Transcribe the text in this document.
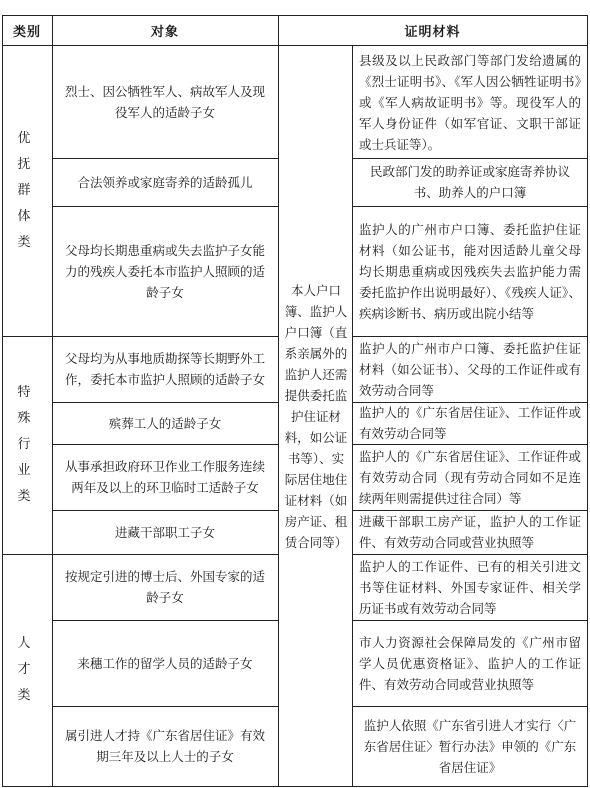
类别	对象	证明材料
优抚群体类
特殊行业类
人才类
本人户口簿、监护人户口簿（直系亲属外的监护人还需提供委托监护住证材料，如公证书等）、实际居住地住证材料（如房产证、租赁合同等）
烈士、因公牺牲军人、病故军人及现役军人的适龄子女
合法领养或家庭寄养的适龄孤儿
父母均长期患重病或失去监护子女能力的残疾人委托本市监护人照顾的适龄子女
父母均为从事地质勘探等长期野外工作，委托本市监护人照顾的适龄子女
殡葬工人的适龄子女
从事承担政府环卫作业工作服务连续两年及以上的环卫临时工适龄子女
进藏干部职工子女
按规定引进的博士后、外国专家的适龄子女
来穗工作的留学人员的适龄子女
属引进人才持《广东省居住证》有效期三年及以上人士的子女
县级及以上民政部门等部门发给遗属的《烈士证明书》、《军人因公牺牲证明书》或《军人病故证明书》等。现役军人的军人身份证件（如军官证、文职干部证或士兵证等）。
民政部门发的助养证或家庭寄养协议书、助养人的户口簿
监护人的广州市户口簿、委托监护住证材料（如公证书，能对因适龄儿童父母均长期患重病或因残疾失去监护能力需委托监护作出说明最好）、《残疾人证》、疾病诊断书、病历或出院小结等
监护人的广州市户口簿、委托监护住证材料（如公证书）、父母的工作证件或有效劳动合同等
监护人的《广东省居住证》、工作证件或有效劳动合同等
监护人的《广东省居住证》、工作证件或有效劳动合同（现有劳动合同如不足连续两年则需提供过往合同）等
进藏干部职工房产证，监护人的工作证件、有效劳动合同或营业执照等
监护人的工作证件、已有的相关引进文书等住证材料、外国专家证件、相关学历证书或有效劳动合同等
市人力资源社会保障局发的《广州市留学人员优惠资格证》、监护人的工作证件、有效劳动合同或营业执照等
监护人依照《广东省引进人才实行〈广东省居住证〉暂行办法》申领的《广东省居住证》
